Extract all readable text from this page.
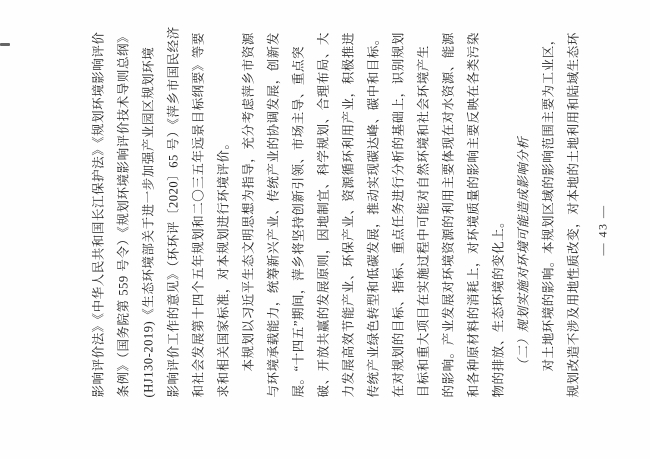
影响评价法》《中华人民共和国长江保护法》《规划环境影响评价 条例》（国务院第 559 号令）《规划环境影响评价技术导则总纲》 (HJ130-2019)《生态环境部关于进一步加强产业园区规划环境 影响评价工作的意见》（环环评〔2020〕65 号）《萍乡市国民经济 和社会发展第十四个五年规划和二〇三五年远景目标纲要》等要 求和相关国家标准，对本规划进行环境评价。 本规划以习近平生态文明思想为指导，充分考虑萍乡市资源 与环境承载能力，统筹新兴产业、传统产业的协调发展，创新发 展。“十四五”期间，萍乡将坚持创新引领、市场主导、重点突 破、开放共赢的发展原则，因地制宜、科学规划、合理布局、大 力发展高效节能产业、环保产业、资源循环利用产业，积极推进 传统产业绿色转型和低碳发展，推动实现碳达峰、碳中和目标。 在对规划的目标、指标、重点任务进行分析的基础上，识别规划 目标和重大项目在实施过程中可能对自然环境和社会环境产生 的影响。产业发展对环境资源的利用主要体现在对水资源、能源 和各种原材料的消耗上，对环境质量的影响主要反映在各类污染 物的排放、生态环境的变化上。 （二）规划实施对环境可能造成影响分析 对土地环境的影响。本规划区域的影响范围主要为工业区， 规划改造不涉及用地性质改变，对本地的土地利用和陆域生态环	— 43 —
